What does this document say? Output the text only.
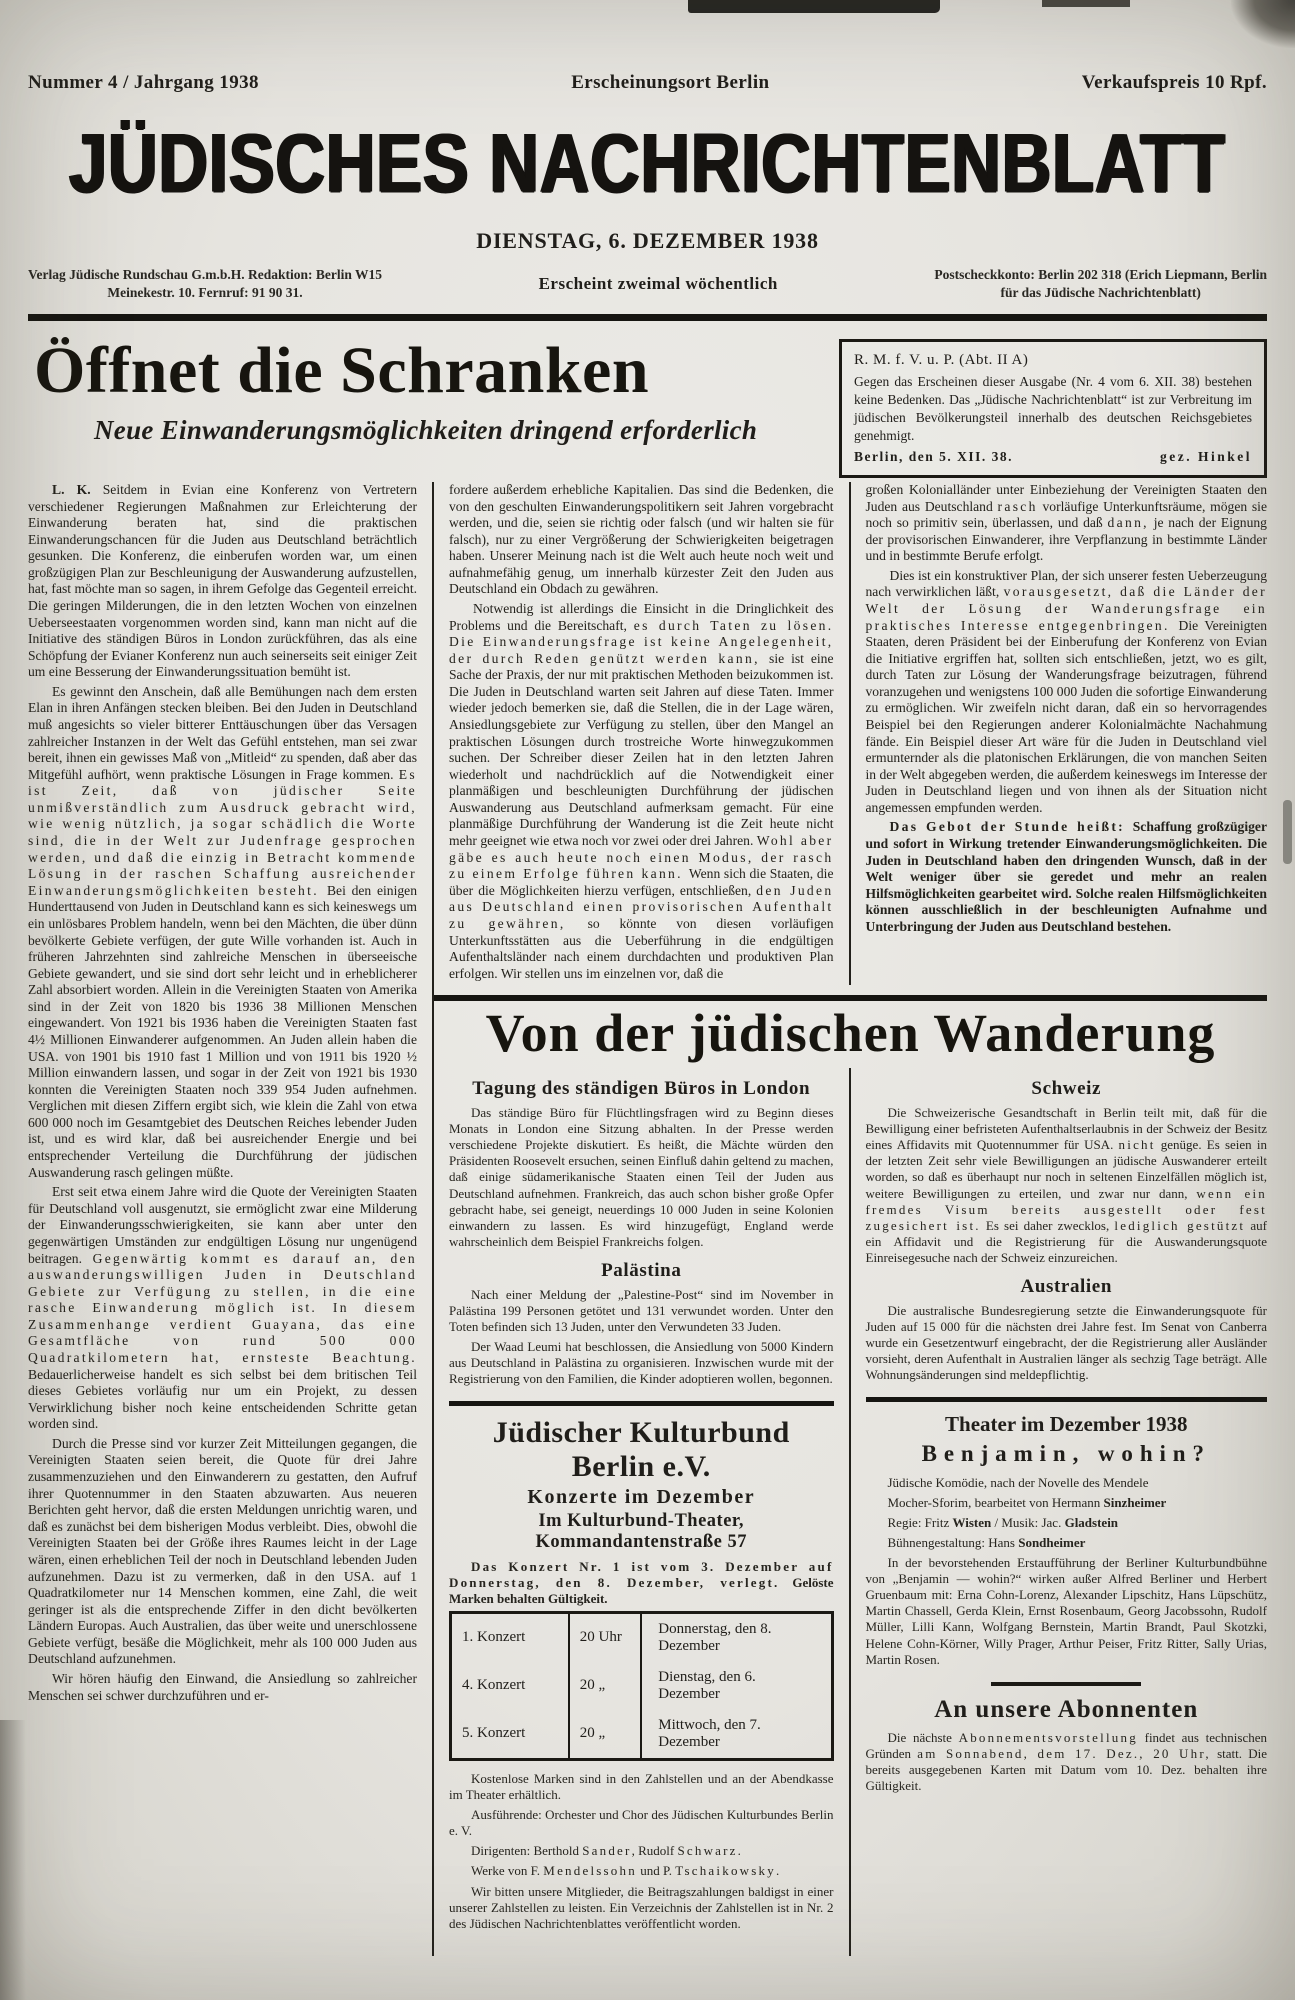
Nummer 4 / Jahrgang 1938	Erscheinungsort Berlin	Verkaufspreis 10 Rpf.
JÜDISCHES NACHRICHTENBLATT
DIENSTAG, 6. DEZEMBER 1938
Verlag Jüdische Rundschau G.m.b.H. Redaktion: Berlin W15
Meinekestr. 10. Fernruf: 91 90 31.	Erscheint zweimal wöchentlich	Postscheckkonto: Berlin 202 318 (Erich Liepmann, Berlin
für das Jüdische Nachrichtenblatt)
Öffnet die Schranken
Neue Einwanderungsmöglichkeiten dringend erforderlich
R. M. f. V. u. P. (Abt. II A)
Gegen das Erscheinen dieser Ausgabe (Nr. 4 vom 6. XII. 38) bestehen keine Bedenken. Das „Jüdische Nachrichtenblatt“ ist zur Verbreitung im jüdischen Bevölkerungsteil innerhalb des deutschen Reichsgebietes genehmigt.
Berlin, den 5. XII. 38.	gez. Hinkel

L. K. Seitdem in Evian eine Konferenz von Vertretern verschiedener Regierungen Maßnahmen zur Erleichterung der Einwanderung beraten hat, sind die praktischen Einwanderungschancen für die Juden aus Deutschland beträchtlich gesunken. Die Konferenz, die einberufen worden war, um einen großzügigen Plan zur Beschleunigung der Auswanderung aufzustellen, hat, fast möchte man so sagen, in ihrem Gefolge das Gegenteil erreicht. Die geringen Milderungen, die in den letzten Wochen von einzelnen Ueberseestaaten vorgenommen worden sind, kann man nicht auf die Initiative des ständigen Büros in London zurückführen, das als eine Schöpfung der Evianer Konferenz nun auch seinerseits seit einiger Zeit um eine Besserung der Einwanderungssituation bemüht ist.

Es gewinnt den Anschein, daß alle Bemühungen nach dem ersten Elan in ihren Anfängen stecken bleiben. Bei den Juden in Deutschland muß angesichts so vieler bitterer Enttäuschungen über das Versagen zahlreicher Instanzen in der Welt das Gefühl entstehen, man sei zwar bereit, ihnen ein gewisses Maß von „Mitleid“ zu spenden, daß aber das Mitgefühl aufhört, wenn praktische Lösungen in Frage kommen. Es ist Zeit, daß von jüdischer Seite unmißverständlich zum Ausdruck gebracht wird, wie wenig nützlich, ja sogar schädlich die Worte sind, die in der Welt zur Judenfrage gesprochen werden, und daß die einzig in Betracht kommende Lösung in der raschen Schaffung ausreichender Einwanderungsmöglichkeiten besteht. Bei den einigen Hunderttausend von Juden in Deutschland kann es sich keineswegs um ein unlösbares Problem handeln, wenn bei den Mächten, die über dünn bevölkerte Gebiete verfügen, der gute Wille vorhanden ist. Auch in früheren Jahrzehnten sind zahlreiche Menschen in überseeische Gebiete gewandert, und sie sind dort sehr leicht und in erheblicherer Zahl absorbiert worden. Allein in die Vereinigten Staaten von Amerika sind in der Zeit von 1820 bis 1936 38 Millionen Menschen eingewandert. Von 1921 bis 1936 haben die Vereinigten Staaten fast 4½ Millionen Einwanderer aufgenommen. An Juden allein haben die USA. von 1901 bis 1910 fast 1 Million und von 1911 bis 1920 ½ Million einwandern lassen, und sogar in der Zeit von 1921 bis 1930 konnten die Vereinigten Staaten noch 339 954 Juden aufnehmen. Verglichen mit diesen Ziffern ergibt sich, wie klein die Zahl von etwa 600 000 noch im Gesamtgebiet des Deutschen Reiches lebender Juden ist, und es wird klar, daß bei ausreichender Energie und bei entsprechender Verteilung die Durchführung der jüdischen Auswanderung rasch gelingen müßte.

Erst seit etwa einem Jahre wird die Quote der Vereinigten Staaten für Deutschland voll ausgenutzt, sie ermöglicht zwar eine Milderung der Einwanderungsschwierigkeiten, sie kann aber unter den gegenwärtigen Umständen zur endgültigen Lösung nur ungenügend beitragen. Gegenwärtig kommt es darauf an, den auswanderungswilligen Juden in Deutschland Gebiete zur Verfügung zu stellen, in die eine rasche Einwanderung möglich ist. In diesem Zusammenhange verdient Guayana, das eine Gesamtfläche von rund 500 000 Quadratkilometern hat, ernsteste Beachtung. Bedauerlicherweise handelt es sich selbst bei dem britischen Teil dieses Gebietes vorläufig nur um ein Projekt, zu dessen Verwirklichung bisher noch keine entscheidenden Schritte getan worden sind.

Durch die Presse sind vor kurzer Zeit Mitteilungen gegangen, die Vereinigten Staaten seien bereit, die Quote für drei Jahre zusammenzuziehen und den Einwanderern zu gestatten, den Aufruf ihrer Quotennummer in den Staaten abzuwarten. Aus neueren Berichten geht hervor, daß die ersten Meldungen unrichtig waren, und daß es zunächst bei dem bisherigen Modus verbleibt. Dies, obwohl die Vereinigten Staaten bei der Größe ihres Raumes leicht in der Lage wären, einen erheblichen Teil der noch in Deutschland lebenden Juden aufzunehmen. Dazu ist zu vermerken, daß in den USA. auf 1 Quadratkilometer nur 14 Menschen kommen, eine Zahl, die weit geringer ist als die entsprechende Ziffer in den dicht bevölkerten Ländern Europas. Auch Australien, das über weite und unerschlossene Gebiete verfügt, besäße die Möglichkeit, mehr als 100 000 Juden aus Deutschland aufzunehmen.

Wir hören häufig den Einwand, die Ansiedlung so zahlreicher Menschen sei schwer durchzuführen und er-

fordere außerdem erhebliche Kapitalien. Das sind die Bedenken, die von den geschulten Einwanderungspolitikern seit Jahren vorgebracht werden, und die, seien sie richtig oder falsch (und wir halten sie für falsch), nur zu einer Vergrößerung der Schwierigkeiten beigetragen haben. Unserer Meinung nach ist die Welt auch heute noch weit und aufnahmefähig genug, um innerhalb kürzester Zeit den Juden aus Deutschland ein Obdach zu gewähren.

Notwendig ist allerdings die Einsicht in die Dringlichkeit des Problems und die Bereitschaft, es durch Taten zu lösen. Die Einwanderungsfrage ist keine Angelegenheit, der durch Reden genützt werden kann, sie ist eine Sache der Praxis, der nur mit praktischen Methoden beizukommen ist. Die Juden in Deutschland warten seit Jahren auf diese Taten. Immer wieder jedoch bemerken sie, daß die Stellen, die in der Lage wären, Ansiedlungsgebiete zur Verfügung zu stellen, über den Mangel an praktischen Lösungen durch trostreiche Worte hinwegzukommen suchen. Der Schreiber dieser Zeilen hat in den letzten Jahren wiederholt und nachdrücklich auf die Notwendigkeit einer planmäßigen und beschleunigten Durchführung der jüdischen Auswanderung aus Deutschland aufmerksam gemacht. Für eine planmäßige Durchführung der Wanderung ist die Zeit heute nicht mehr geeignet wie etwa noch vor zwei oder drei Jahren. Wohl aber gäbe es auch heute noch einen Modus, der rasch zu einem Erfolge führen kann. Wenn sich die Staaten, die über die Möglichkeiten hierzu verfügen, entschließen, den Juden aus Deutschland einen provisorischen Aufenthalt zu gewähren, so könnte von diesen vorläufigen Unterkunftsstätten aus die Ueberführung in die endgültigen Aufenthaltsländer nach einem durchdachten und produktiven Plan erfolgen. Wir stellen uns im einzelnen vor, daß die

großen Kolonialländer unter Einbeziehung der Vereinigten Staaten den Juden aus Deutschland rasch vorläufige Unterkunftsräume, mögen sie noch so primitiv sein, überlassen, und daß dann, je nach der Eignung der provisorischen Einwanderer, ihre Verpflanzung in bestimmte Länder und in bestimmte Berufe erfolgt.

Dies ist ein konstruktiver Plan, der sich unserer festen Ueberzeugung nach verwirklichen läßt, vorausgesetzt, daß die Länder der Welt der Lösung der Wanderungsfrage ein praktisches Interesse entgegenbringen. Die Vereinigten Staaten, deren Präsident bei der Einberufung der Konferenz von Evian die Initiative ergriffen hat, sollten sich entschließen, jetzt, wo es gilt, durch Taten zur Lösung der Wanderungsfrage beizutragen, führend voranzugehen und wenigstens 100 000 Juden die sofortige Einwanderung zu ermöglichen. Wir zweifeln nicht daran, daß ein so hervorragendes Beispiel bei den Regierungen anderer Kolonialmächte Nachahmung fände. Ein Beispiel dieser Art wäre für die Juden in Deutschland viel ermunternder als die platonischen Erklärungen, die von manchen Seiten in der Welt abgegeben werden, die außerdem keineswegs im Interesse der Juden in Deutschland liegen und von ihnen als der Situation nicht angemessen empfunden werden.

Das Gebot der Stunde heißt: Schaffung großzügiger und sofort in Wirkung tretender Einwanderungsmöglichkeiten. Die Juden in Deutschland haben den dringenden Wunsch, daß in der Welt weniger über sie geredet und mehr an realen Hilfsmöglichkeiten gearbeitet wird. Solche realen Hilfsmöglichkeiten können ausschließlich in der beschleunigten Aufnahme und Unterbringung der Juden aus Deutschland bestehen.

Von der jüdischen Wanderung
Tagung des ständigen Büros in London

Das ständige Büro für Flüchtlingsfragen wird zu Beginn dieses Monats in London eine Sitzung abhalten. In der Presse werden verschiedene Projekte diskutiert. Es heißt, die Mächte würden den Präsidenten Roosevelt ersuchen, seinen Einfluß dahin geltend zu machen, daß einige südamerikanische Staaten einen Teil der Juden aus Deutschland aufnehmen. Frankreich, das auch schon bisher große Opfer gebracht habe, sei geneigt, neuerdings 10 000 Juden in seine Kolonien einwandern zu lassen. Es wird hinzugefügt, England werde wahrscheinlich dem Beispiel Frankreichs folgen.

Palästina

Nach einer Meldung der „Palestine-Post“ sind im November in Palästina 199 Personen getötet und 131 verwundet worden. Unter den Toten befinden sich 13 Juden, unter den Verwundeten 33 Juden.

Der Waad Leumi hat beschlossen, die Ansiedlung von 5000 Kindern aus Deutschland in Palästina zu organisieren. Inzwischen wurde mit der Registrierung von den Familien, die Kinder adoptieren wollen, begonnen.

Jüdischer Kulturbund Berlin e.V.
Konzerte im Dezember
Im Kulturbund-Theater, Kommandantenstraße 57

Das Konzert Nr. 1 ist vom 3. Dezember auf Donnerstag, den 8. Dezember, verlegt. Gelöste Marken behalten Gültigkeit.

1. Konzert	20 Uhr	Donnerstag, den 8. Dezember
4. Konzert	20 „	Dienstag, den 6. Dezember
5. Konzert	20 „	Mittwoch, den 7. Dezember

Kostenlose Marken sind in den Zahlstellen und an der Abendkasse im Theater erhältlich.

Ausführende: Orchester und Chor des Jüdischen Kulturbundes Berlin e. V.

Dirigenten: Berthold Sander, Rudolf Schwarz.

Werke von F. Mendelssohn und P. Tschaikowsky.

Wir bitten unsere Mitglieder, die Beitragszahlungen baldigst in einer unserer Zahlstellen zu leisten. Ein Verzeichnis der Zahlstellen ist in Nr. 2 des Jüdischen Nachrichtenblattes veröffentlicht worden.

Schweiz

Die Schweizerische Gesandtschaft in Berlin teilt mit, daß für die Bewilligung einer befristeten Aufenthaltserlaubnis in der Schweiz der Besitz eines Affidavits mit Quotennummer für USA. nicht genüge. Es seien in der letzten Zeit sehr viele Bewilligungen an jüdische Auswanderer erteilt worden, so daß es überhaupt nur noch in seltenen Einzelfällen möglich ist, weitere Bewilligungen zu erteilen, und zwar nur dann, wenn ein fremdes Visum bereits ausgestellt oder fest zugesichert ist. Es sei daher zwecklos, lediglich gestützt auf ein Affidavit und die Registrierung für die Auswanderungsquote Einreisegesuche nach der Schweiz einzureichen.

Australien

Die australische Bundesregierung setzte die Einwanderungsquote für Juden auf 15 000 für die nächsten drei Jahre fest. Im Senat von Canberra wurde ein Gesetzentwurf eingebracht, der die Registrierung aller Ausländer vorsieht, deren Aufenthalt in Australien länger als sechzig Tage beträgt. Alle Wohnungsänderungen sind meldepflichtig.

Theater im Dezember 1938
Benjamin, wohin?

Jüdische Komödie, nach der Novelle des Mendele

Mocher-Sforim, bearbeitet von Hermann Sinzheimer

Regie: Fritz Wisten / Musik: Jac. Gladstein

Bühnengestaltung: Hans Sondheimer

In der bevorstehenden Erstaufführung der Berliner Kulturbundbühne von „Benjamin — wohin?“ wirken außer Alfred Berliner und Herbert Gruenbaum mit: Erna Cohn-Lorenz, Alexander Lipschitz, Hans Lüpschütz, Martin Chassell, Gerda Klein, Ernst Rosenbaum, Georg Jacobssohn, Rudolf Müller, Lilli Kann, Wolfgang Bernstein, Martin Brandt, Paul Skotzki, Helene Cohn-Körner, Willy Prager, Arthur Peiser, Fritz Ritter, Sally Urias, Martin Rosen.

An unsere Abonnenten

Die nächste Abonnementsvorstellung findet aus technischen Gründen am Sonnabend, dem 17. Dez., 20 Uhr, statt. Die bereits ausgegebenen Karten mit Datum vom 10. Dez. behalten ihre Gültigkeit.
